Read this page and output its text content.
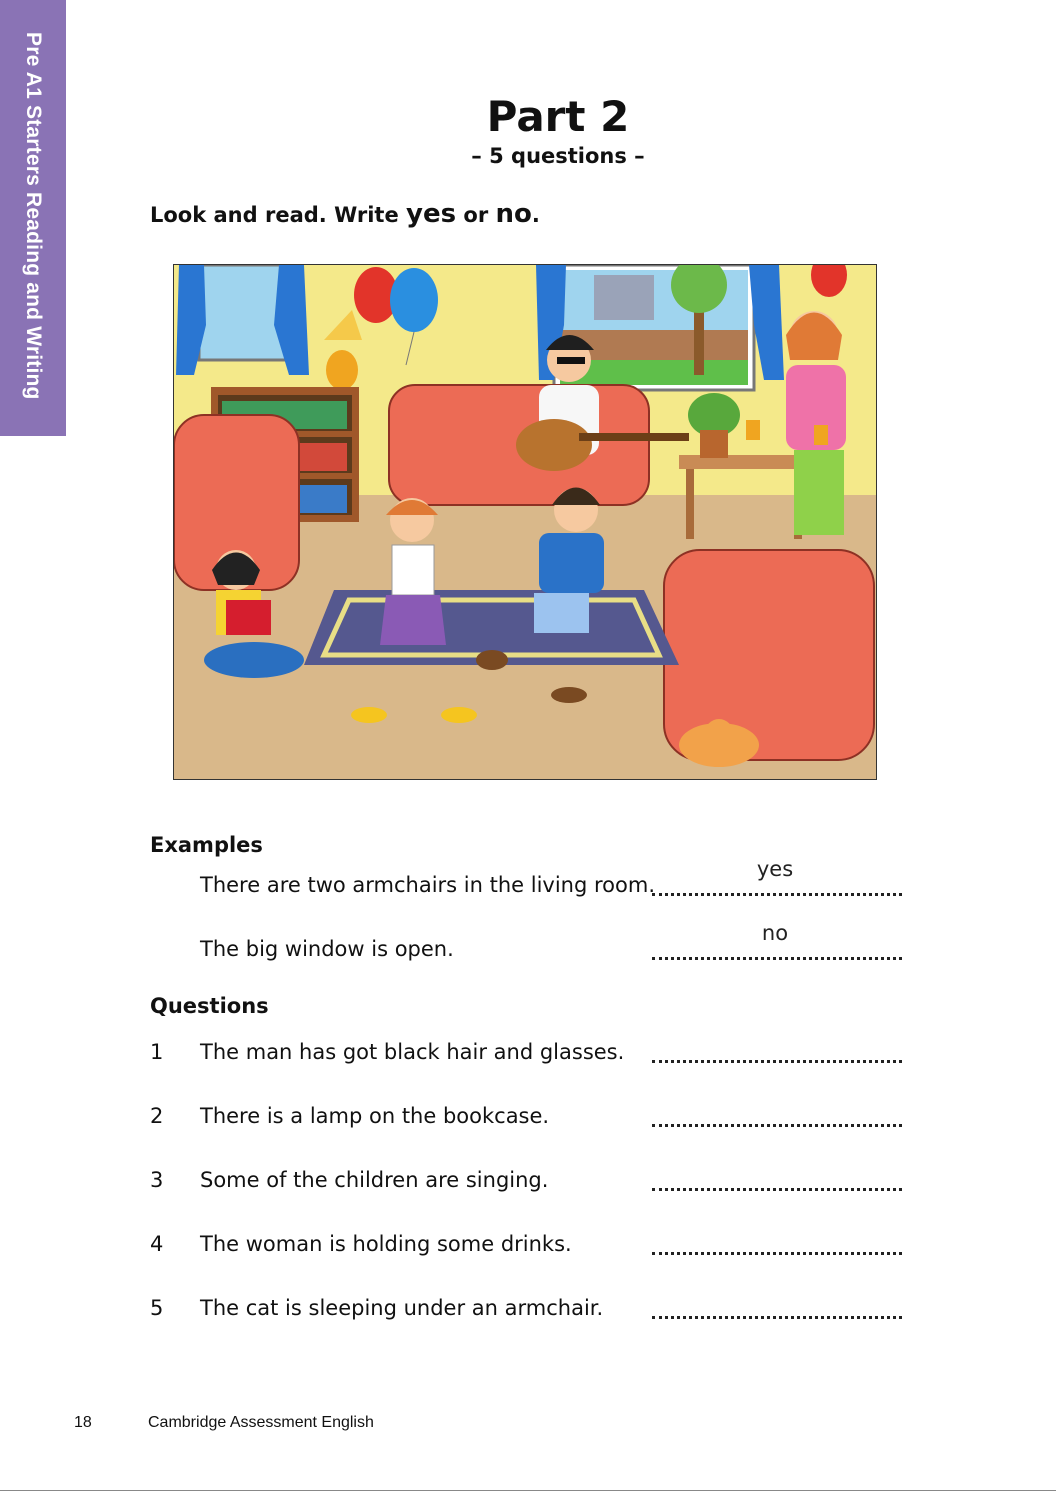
Pre A1 Starters Reading and Writing	Part 2
– 5 questions –
Look and read. Write yes or no.
Examples
There are two armchairs in the living room.
yes
The big window is open.
no
Questions
1 The man has got black hair and glasses.
2 There is a lamp on the bookcase.
3 Some of the children are singing.
4 The woman is holding some drinks.
5 The cat is sleeping under an armchair.
18	Cambridge Assessment English
